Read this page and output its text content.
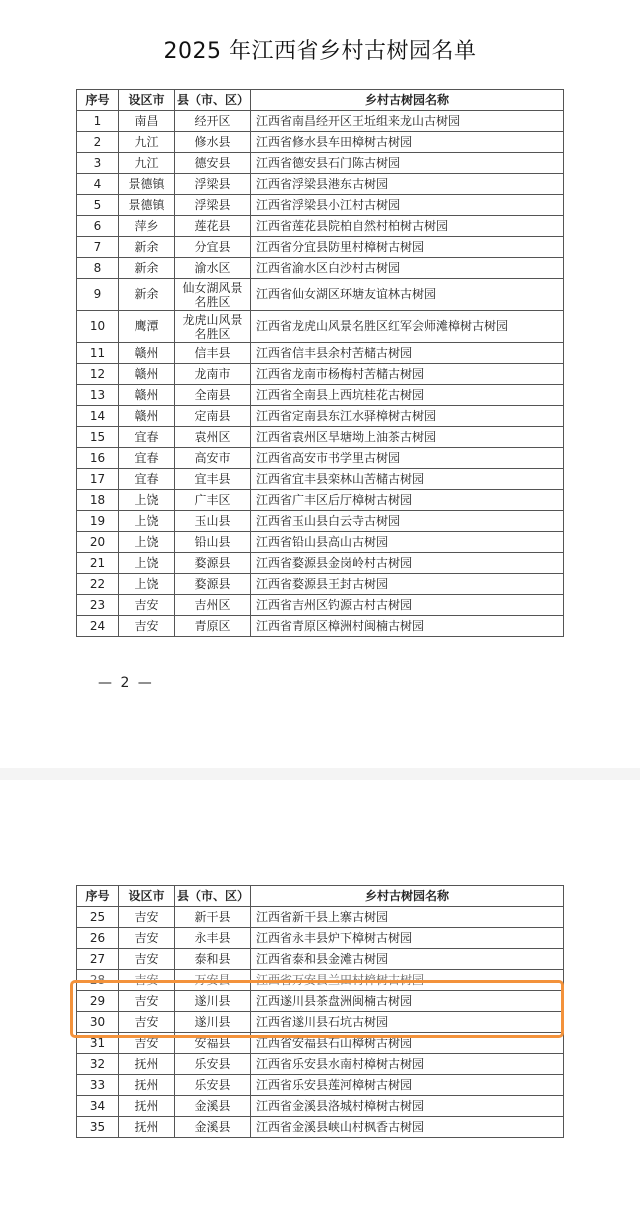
2025 年江西省乡村古树园名单
序号	设区市	县（市、区）	乡村古树园名称
1	南昌	经开区	江西省南昌经开区王坵组来龙山古树园
2	九江	修水县	江西省修水县车田樟树古树园
3	九江	德安县	江西省德安县石门陈古树园
4	景德镇	浮梁县	江西省浮梁县港东古树园
5	景德镇	浮梁县	江西省浮梁县小江村古树园
6	萍乡	莲花县	江西省莲花县院柏自然村柏树古树园
7	新余	分宜县	江西省分宜县防里村樟树古树园
8	新余	渝水区	江西省渝水区白沙村古树园
9	新余	仙女湖风景名胜区	江西省仙女湖区环塘友谊林古树园
10	鹰潭	龙虎山风景名胜区	江西省龙虎山风景名胜区红军会师滩樟树古树园
11	赣州	信丰县	江西省信丰县余村苦槠古树园
12	赣州	龙南市	江西省龙南市杨梅村苦槠古树园
13	赣州	全南县	江西省全南县上西坑桂花古树园
14	赣州	定南县	江西省定南县东江水驿樟树古树园
15	宜春	袁州区	江西省袁州区旱塘坳上油茶古树园
16	宜春	高安市	江西省高安市书学里古树园
17	宜春	宜丰县	江西省宜丰县栾林山苦槠古树园
18	上饶	广丰区	江西省广丰区后厅樟树古树园
19	上饶	玉山县	江西省玉山县白云寺古树园
20	上饶	铅山县	江西省铅山县高山古树园
21	上饶	婺源县	江西省婺源县金岗岭村古树园
22	上饶	婺源县	江西省婺源县王封古树园
23	吉安	吉州区	江西省吉州区钓源古村古树园
24	吉安	青原区	江西省青原区樟洲村闽楠古树园
— 2 —
序号	设区市	县（市、区）	乡村古树园名称
25	吉安	新干县	江西省新干县上寨古树园
26	吉安	永丰县	江西省永丰县炉下樟树古树园
27	吉安	泰和县	江西省泰和县金滩古树园
28	吉安	万安县	江西省万安县兰田村樟树古树园
29	吉安	遂川县	江西遂川县茶盘洲闽楠古树园
30	吉安	遂川县	江西省遂川县石坑古树园
31	吉安	安福县	江西省安福县石山樟树古树园
32	抚州	乐安县	江西省乐安县水南村樟树古树园
33	抚州	乐安县	江西省乐安县莲河樟树古树园
34	抚州	金溪县	江西省金溪县洛城村樟树古树园
35	抚州	金溪县	江西省金溪县峡山村枫香古树园
